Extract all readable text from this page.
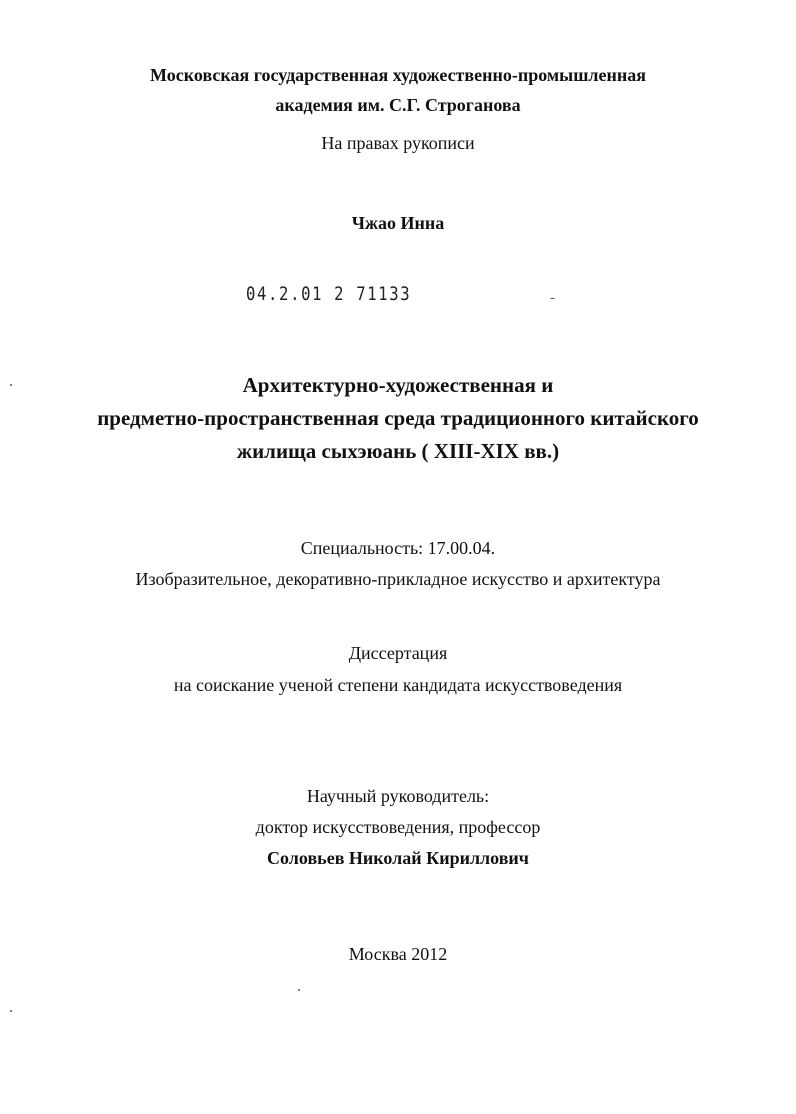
Московская государственная художественно-промышленная
академия им. С.Г. Строганова
На правах рукописи
Чжао Инна
04.2.01 2 71133
Архитектурно-художественная и
предметно-пространственная среда традиционного китайского
жилища сыхэюань ( XIII-XIX вв.)
Специальность: 17.00.04.
Изобразительное, декоративно-прикладное искусство и архитектура
Диссертация
на соискание ученой степени кандидата искусствоведения
Научный руководитель:
доктор искусствоведения, профессор
Соловьев Николай Кириллович
Москва 2012
